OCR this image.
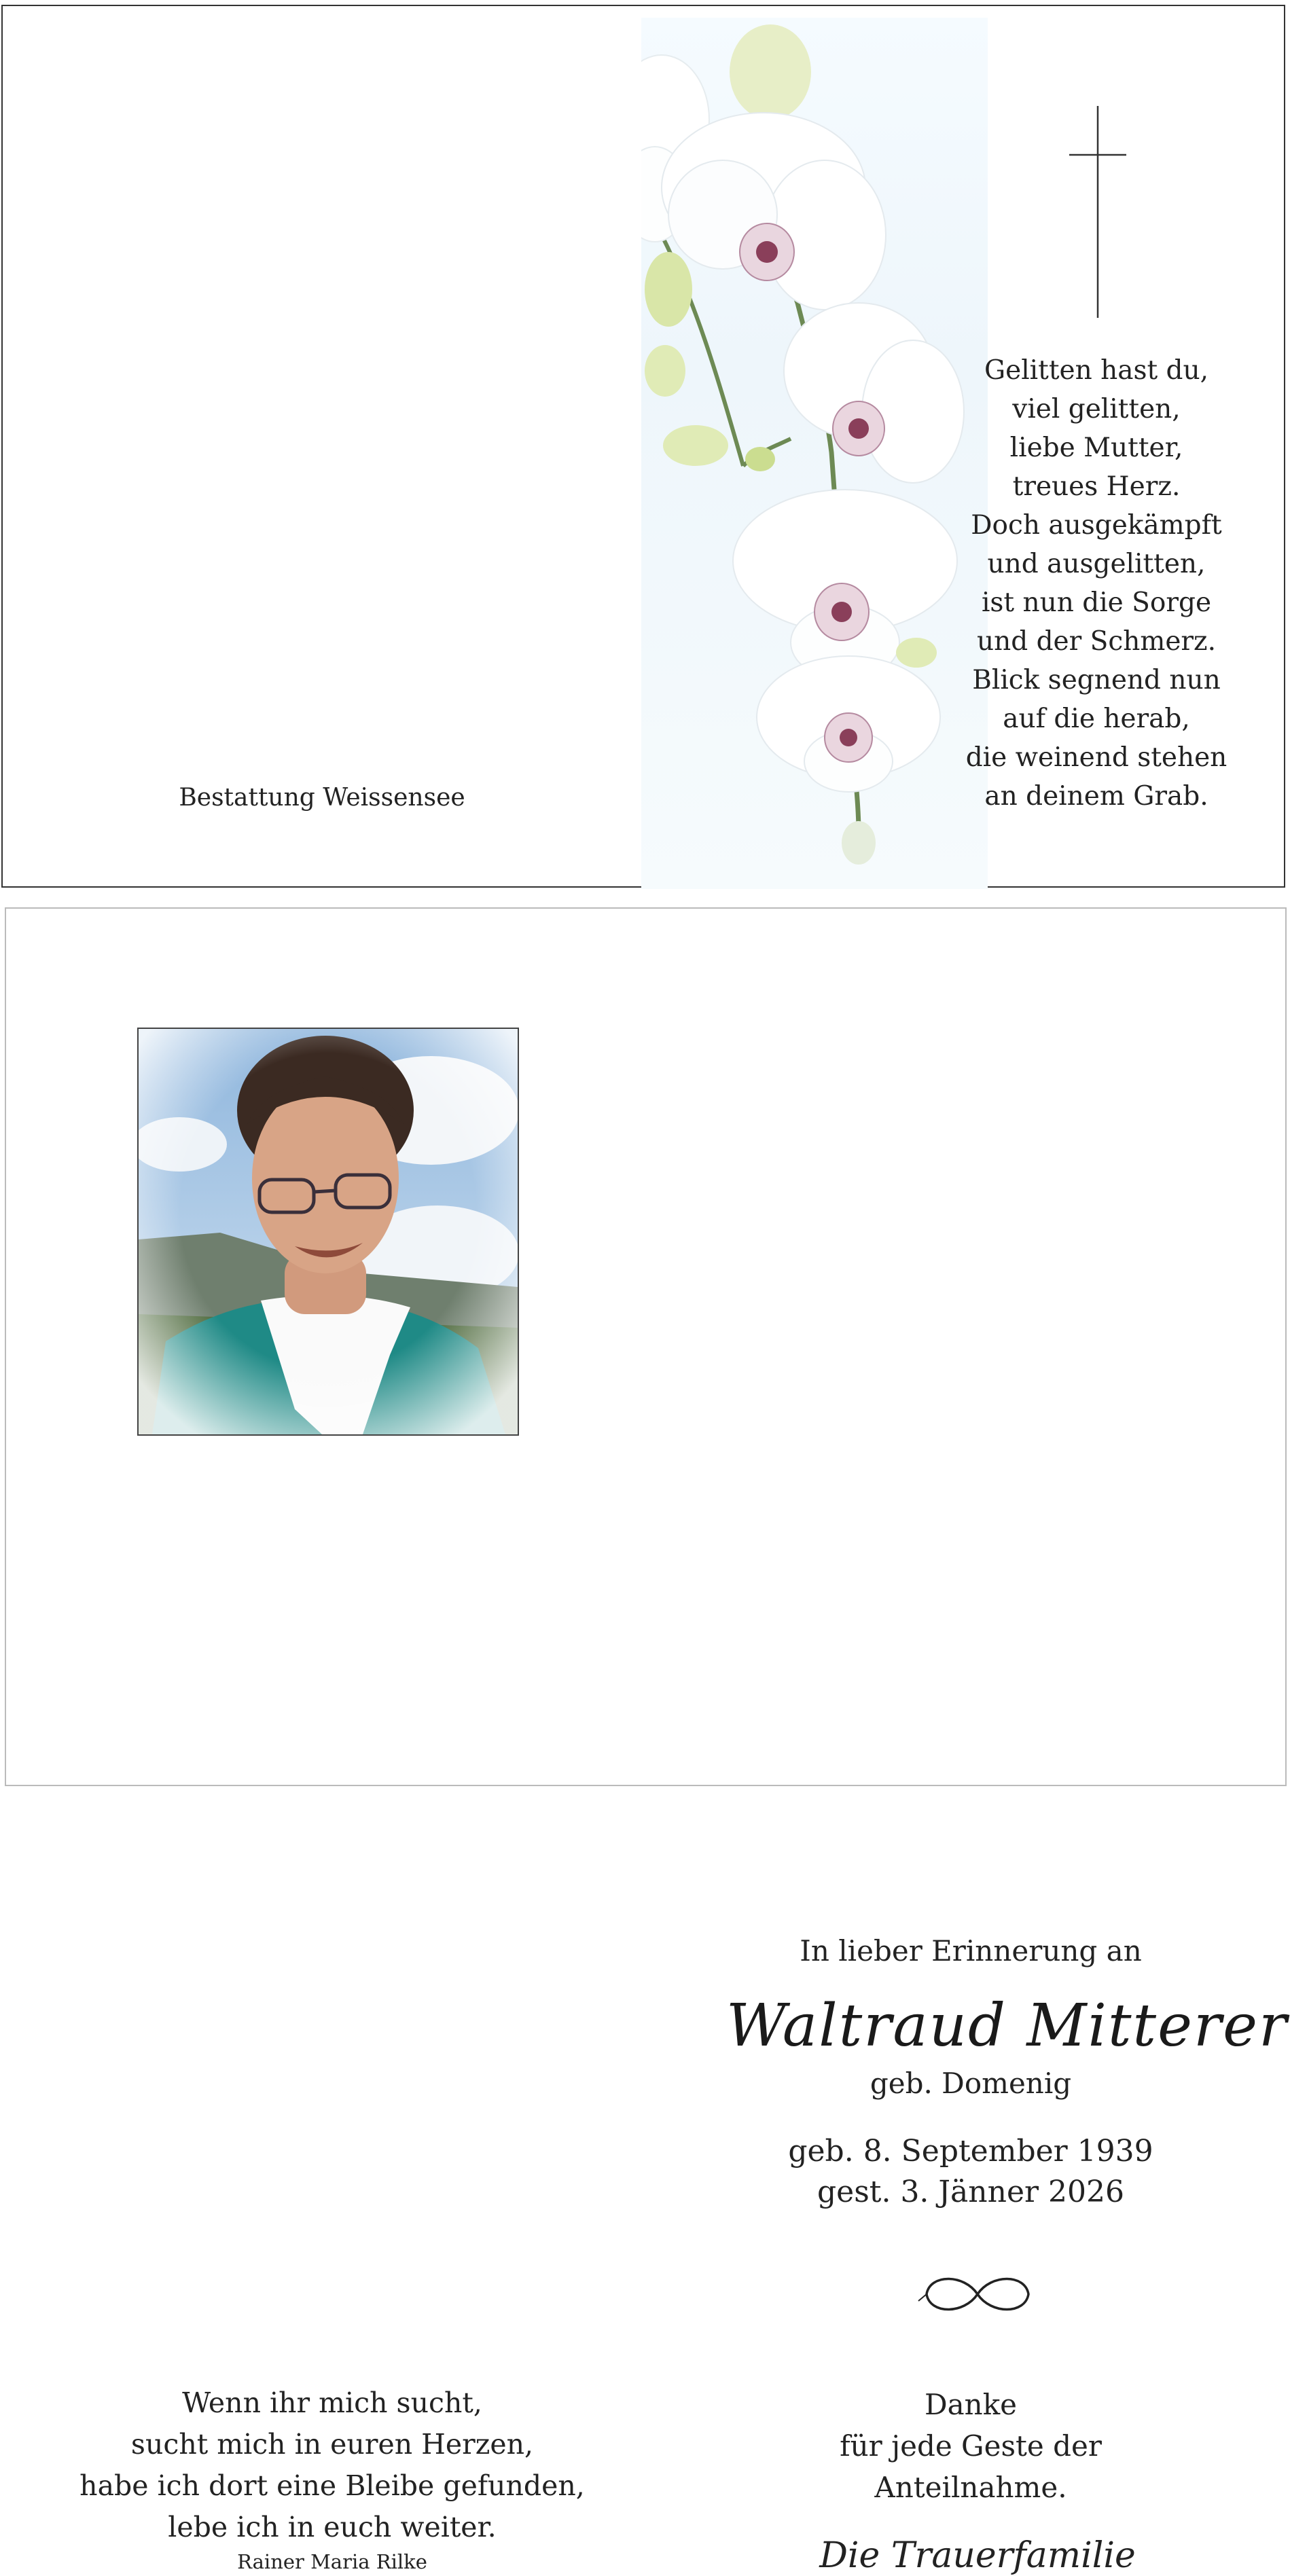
Gelitten hast du,
viel gelitten,
liebe Mutter,
treues Herz.
Doch ausgekämpft
und ausgelitten,
ist nun die Sorge
und der Schmerz.
Blick segnend nun
auf die herab,
die weinend stehen
an deinem Grab.
Bestattung Weissensee
In lieber Erinnerung an
Waltraud Mitterer
geb. Domenig
geb. 8. September 1939
gest. 3. Jänner 2026
Wenn ihr mich sucht,
sucht mich in euren Herzen,
habe ich dort eine Bleibe gefunden,
lebe ich in euch weiter.
Rainer Maria Rilke
Danke
für jede Geste der
Anteilnahme.
Die Trauerfamilie
